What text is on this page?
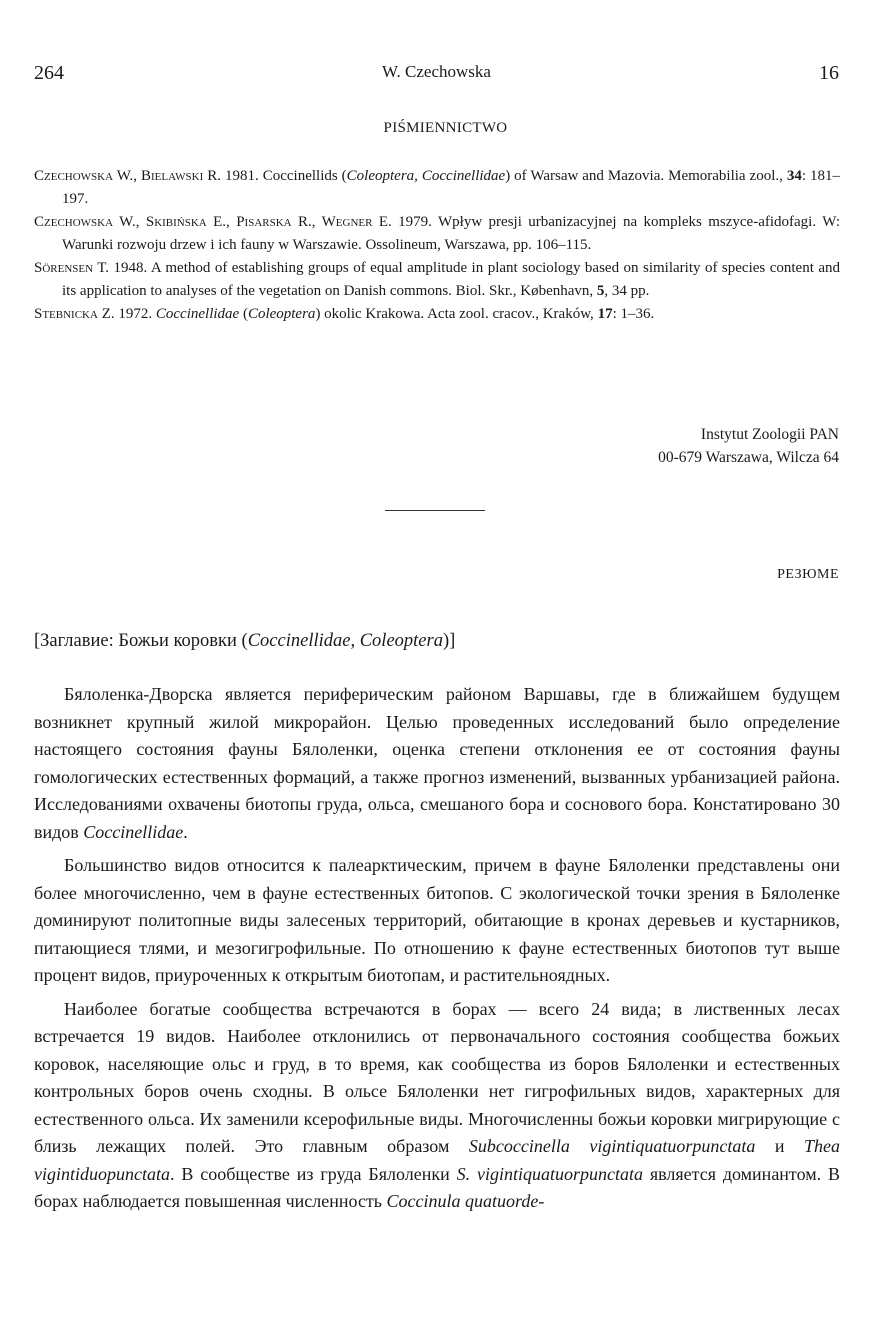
264	W. Czechowska	16
PIŚMIENNICTWO
Czechowska W., Bielawski R. 1981. Coccinellids (Coleoptera, Coccinellidae) of Warsaw and Mazovia. Memorabilia zool., 34: 181–197.
Czechowska W., Skibińska E., Pisarska R., Wegner E. 1979. Wpływ presji urbanizacyjnej na kompleks mszyce-afidofagi. W: Warunki rozwoju drzew i ich fauny w Warszawie. Ossolineum, Warszawa, pp. 106–115.
Sörensen T. 1948. A method of establishing groups of equal amplitude in plant sociology based on similarity of species content and its application to analyses of the vegetation on Danish commons. Biol. Skr., København, 5, 34 pp.
Stebnicka Z. 1972. Coccinellidae (Coleoptera) okolic Krakowa. Acta zool. cracov., Kraków, 17: 1–36.
Instytut Zoologii PAN
00-679 Warszawa, Wilcza 64
РЕЗЮМЕ
[Заглавие: Божьи коровки (Coccinellidae, Coleoptera)]

Бялоленка-Дворска является периферическим районом Варшавы, где в ближайшем будущем возникнет крупный жилой микрорайон. Целью проведенных исследований было определение настоящего состояния фауны Бялоленки, оценка степени отклонения ее от состояния фауны гомологических естественных формаций, а также прогноз изменений, вызванных урбанизацией района. Исследованиями охвачены биотопы груда, ольса, смешаного бора и соснового бора. Констатировано 30 видов Coccinellidae.

Большинство видов относится к палеарктическим, причем в фауне Бялоленки представлены они более многочисленно, чем в фауне естественных битопов. С экологической точки зрения в Бялоленке доминируют политопные виды залесеных территорий, обитающие в кронах деревьев и кустарников, питающиеся тлями, и мезогигрофильные. По отношению к фауне естественных биотопов тут выше процент видов, приуроченных к открытым биотопам, и растительноядных.

Наиболее богатые сообщества встречаются в борах — всего 24 вида; в лиственных лесах встречается 19 видов. Наиболее отклонились от первоначального состояния сообщества божьих коровок, населяющие ольс и груд, в то время, как сообщества из боров Бялоленки и естественных контрольных боров очень сходны. В ольсе Бялоленки нет гигрофильных видов, характерных для естественного ольса. Их заменили ксерофильные виды. Многочисленны божьи коровки мигрирующие с близь лежащих полей. Это главным образом Subcoccinella vigintiquatuorpunctata и Thea vigintiduopunctata. В сообществе из груда Бялоленки S. vigintiquatuorpunctata является доминантом. В борах наблюдается повышенная численность Coccinula quatuorde-
